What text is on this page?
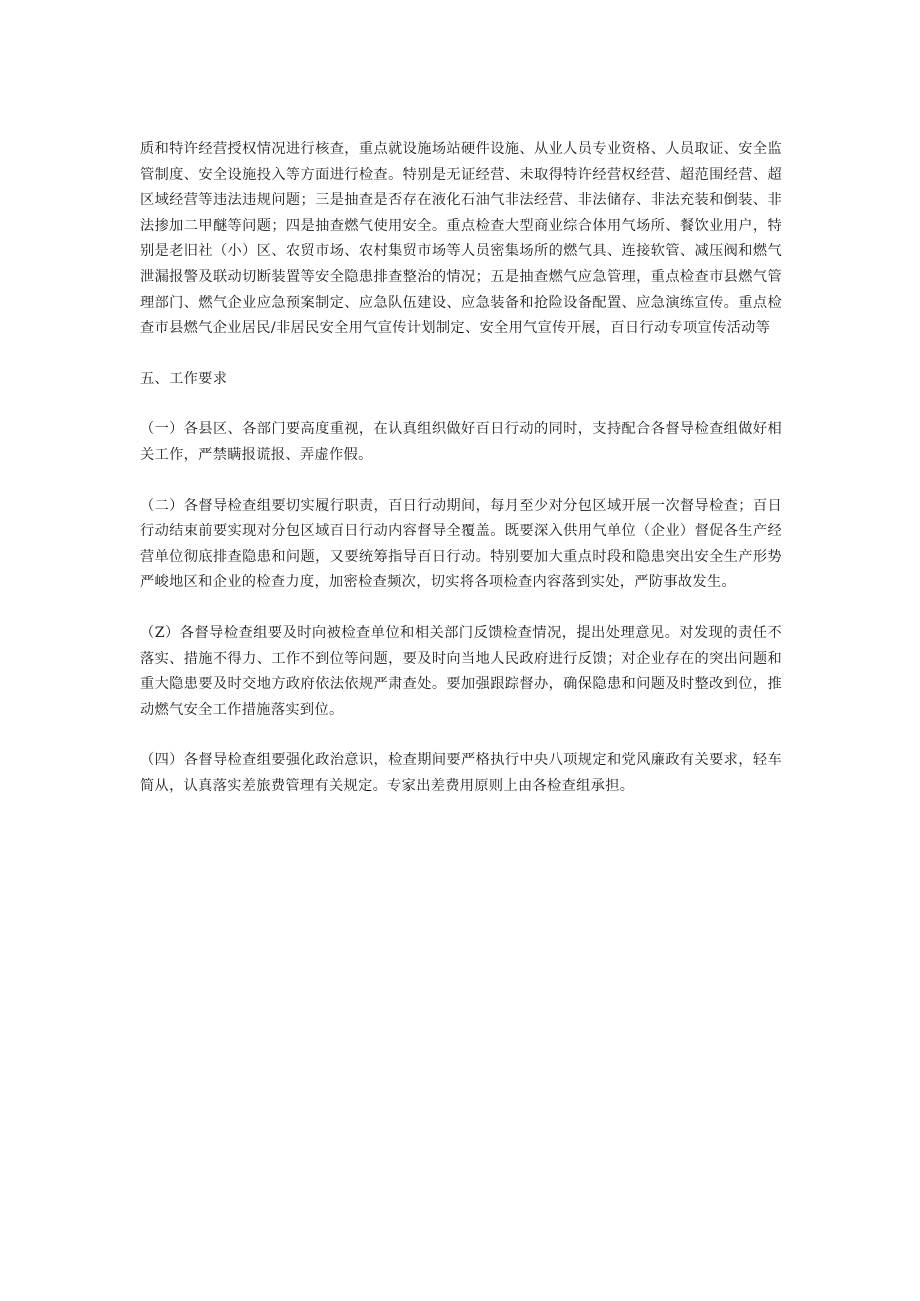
质和特许经营授权情况进行核查，重点就设施场站硬件设施、从业人员专业资格、人员取证、安全监管制度、安全设施投入等方面进行检查。特别是无证经营、未取得特许经营权经营、超范围经营、超区域经营等违法违规问题；三是抽查是否存在液化石油气非法经营、非法储存、非法充装和倒装、非法掺加二甲醚等问题；四是抽查燃气使用安全。重点检查大型商业综合体用气场所、餐饮业用户，特别是老旧社（小）区、农贸市场、农村集贸市场等人员密集场所的燃气具、连接软管、减压阀和燃气泄漏报警及联动切断装置等安全隐患排查整治的情况；五是抽查燃气应急管理，重点检查市县燃气管理部门、燃气企业应急预案制定、应急队伍建设、应急装备和抢险设备配置、应急演练宣传。重点检查市县燃气企业居民/非居民安全用气宣传计划制定、安全用气宣传开展，百日行动专项宣传活动等

五、工作要求

（一）各县区、各部门要高度重视，在认真组织做好百日行动的同时，支持配合各督导检查组做好相关工作，严禁瞒报谎报、弄虚作假。

（二）各督导检查组要切实履行职责，百日行动期间，每月至少对分包区域开展一次督导检查；百日行动结束前要实现对分包区域百日行动内容督导全覆盖。既要深入供用气单位（企业）督促各生产经营单位彻底排查隐患和问题，又要统筹指导百日行动。特别要加大重点时段和隐患突出安全生产形势严峻地区和企业的检查力度，加密检查频次，切实将各项检查内容落到实处，严防事故发生。

（Z）各督导检查组要及时向被检查单位和相关部门反馈检查情况，提出处理意见。对发现的责任不落实、措施不得力、工作不到位等问题，要及时向当地人民政府进行反馈；对企业存在的突出问题和重大隐患要及时交地方政府依法依规严肃查处。要加强跟踪督办，确保隐患和问题及时整改到位，推动燃气安全工作措施落实到位。

（四）各督导检查组要强化政治意识，检查期间要严格执行中央八项规定和党风廉政有关要求，轻车简从，认真落实差旅费管理有关规定。专家出差费用原则上由各检查组承担。
